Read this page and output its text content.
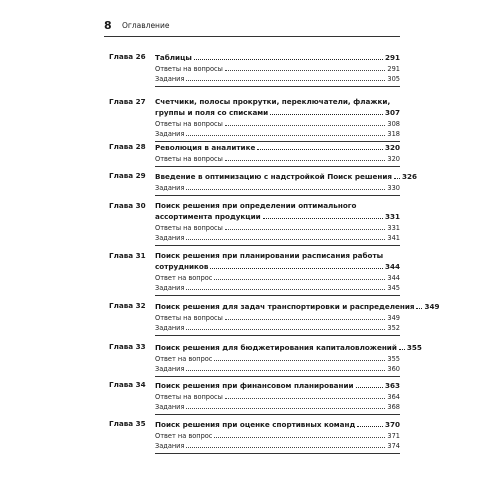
8 Оглавление
Глава 26 Таблицы	291
Ответы на вопросы	291
Задания	305
Глава 27 Счетчики, полосы прокрутки, переключатели, флажки,
группы и поля со списками	307
Ответы на вопросы	308
Задания	318
Глава 28 Революция в аналитике	320
Ответы на вопросы	320
Глава 29 Введение в оптимизацию с надстройкой Поиск решения 326
Задания	330
Глава 30 Поиск решения при определении оптимального
ассортимента продукции	331
Ответы на вопросы	331
Задания	341
Глава 31 Поиск решения при планировании расписания работы
сотрудников	344
Ответ на вопрос	344
Задания	345
Глава 32 Поиск решения для задач транспортировки и распределения 349
Ответы на вопросы	349
Задания	352
Глава 33 Поиск решения для бюджетирования капиталовложений 355
Ответ на вопрос	355
Задания	360
Глава 34 Поиск решения при финансовом планировании	363
Ответы на вопросы	364
Задания	368
Глава 35 Поиск решения при оценке спортивных команд	370
Ответ на вопрос	371
Задания	374
